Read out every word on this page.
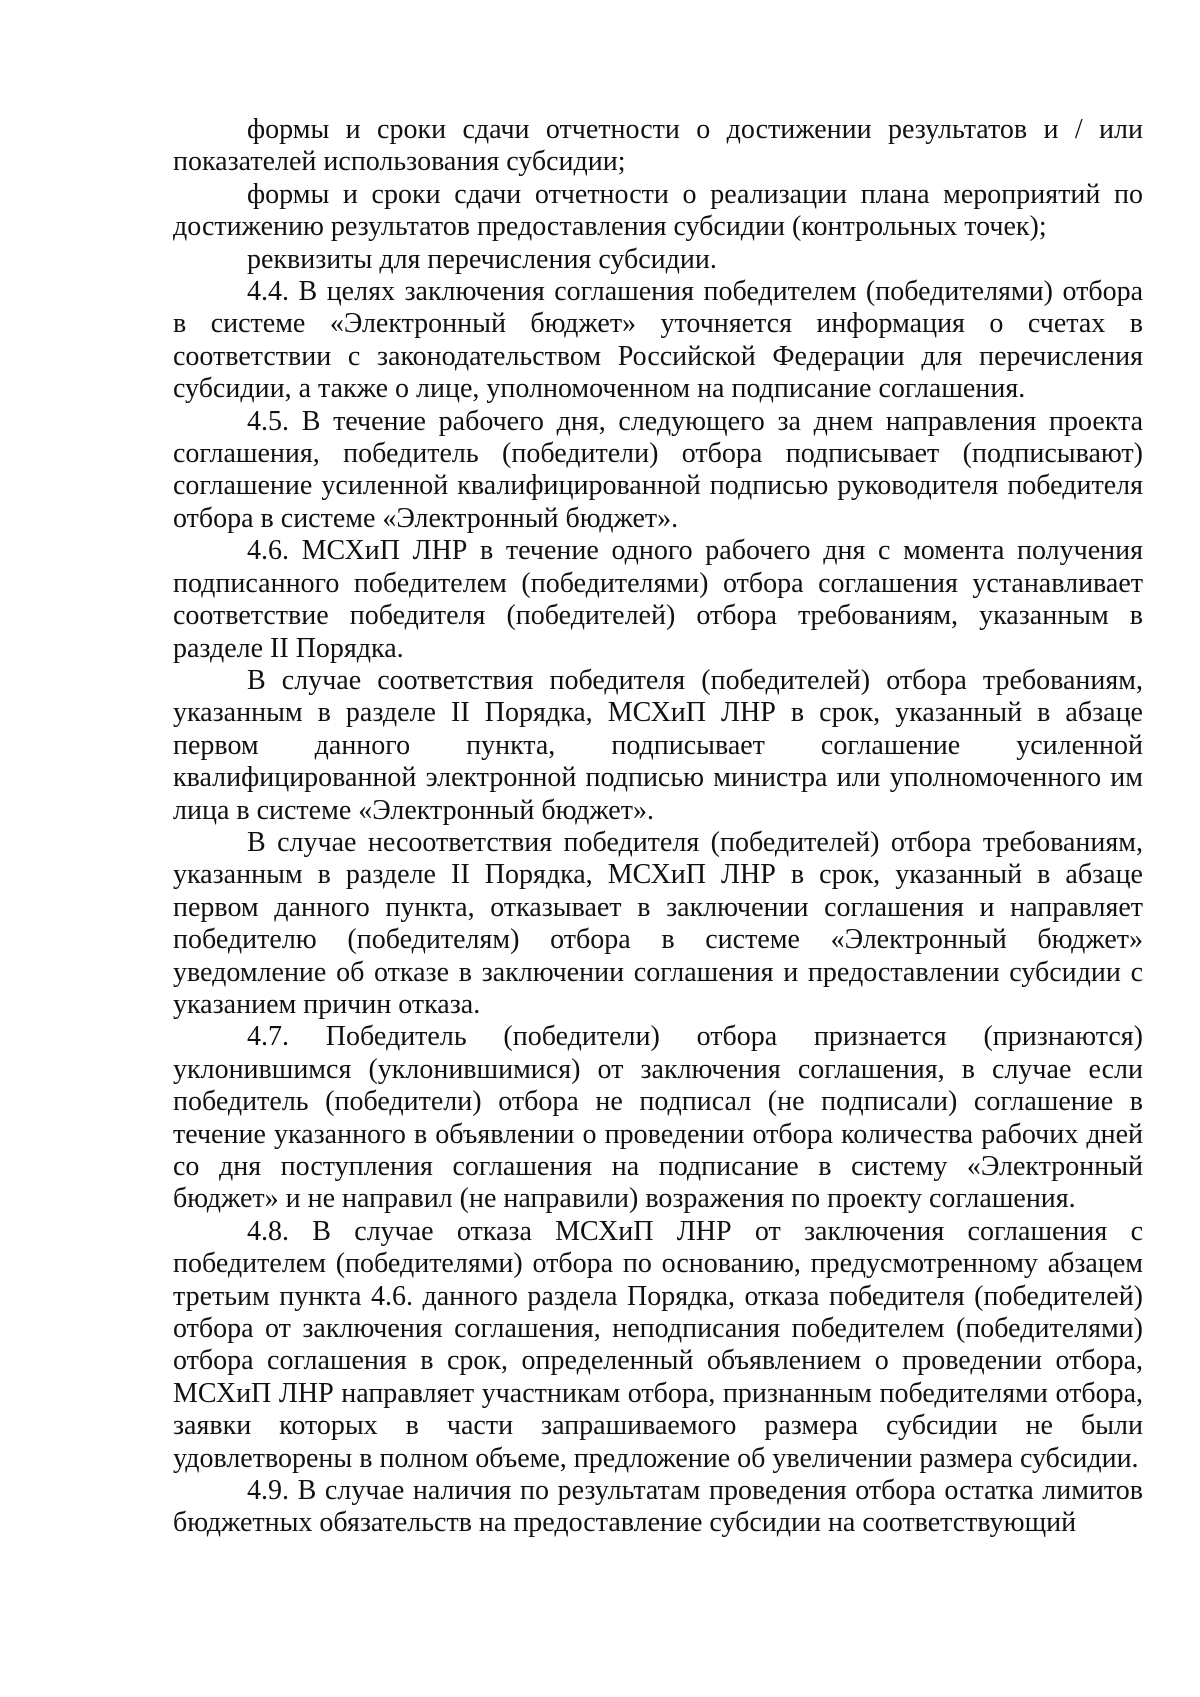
формы и сроки сдачи отчетности о достижении результатов и / или показателей использования субсидии;

формы и сроки сдачи отчетности о реализации плана мероприятий по достижению результатов предоставления субсидии (контрольных точек);

реквизиты для перечисления субсидии.

4.4. В целях заключения соглашения победителем (победителями) отбора в системе «Электронный бюджет» уточняется информация о счетах в соответствии с законодательством Российской Федерации для перечисления субсидии, а также о лице, уполномоченном на подписание соглашения.

4.5. В течение рабочего дня, следующего за днем направления проекта соглашения, победитель (победители) отбора подписывает (подписывают) соглашение усиленной квалифицированной подписью руководителя победителя отбора в системе «Электронный бюджет».

4.6. МСХиП ЛНР в течение одного рабочего дня с момента получения подписанного победителем (победителями) отбора соглашения устанавливает соответствие победителя (победителей) отбора требованиям, указанным в разделе II Порядка.

В случае соответствия победителя (победителей) отбора требованиям, указанным в разделе II Порядка, МСХиП ЛНР в срок, указанный в абзаце первом данного пункта, подписывает соглашение усиленной квалифицированной электронной подписью министра или уполномоченного им лица в системе «Электронный бюджет».

В случае несоответствия победителя (победителей) отбора требованиям, указанным в разделе II Порядка, МСХиП ЛНР в срок, указанный в абзаце первом данного пункта, отказывает в заключении соглашения и направляет победителю (победителям) отбора в системе «Электронный бюджет» уведомление об отказе в заключении соглашения и предоставлении субсидии с указанием причин отказа.

4.7. Победитель (победители) отбора признается (признаются) уклонившимся (уклонившимися) от заключения соглашения, в случае если победитель (победители) отбора не подписал (не подписали) соглашение в течение указанного в объявлении о проведении отбора количества рабочих дней со дня поступления соглашения на подписание в систему «Электронный бюджет» и не направил (не направили) возражения по проекту соглашения.

4.8. В случае отказа МСХиП ЛНР от заключения соглашения с победителем (победителями) отбора по основанию, предусмотренному абзацем третьим пункта 4.6. данного раздела Порядка, отказа победителя (победителей) отбора от заключения соглашения, неподписания победителем (победителями) отбора соглашения в срок, определенный объявлением о проведении отбора, МСХиП ЛНР направляет участникам отбора, признанным победителями отбора, заявки которых в части запрашиваемого размера субсидии не были удовлетворены в полном объеме, предложение об увеличении размера субсидии.

4.9. В случае наличия по результатам проведения отбора остатка лимитов бюджетных обязательств на предоставление субсидии на соответствующий
